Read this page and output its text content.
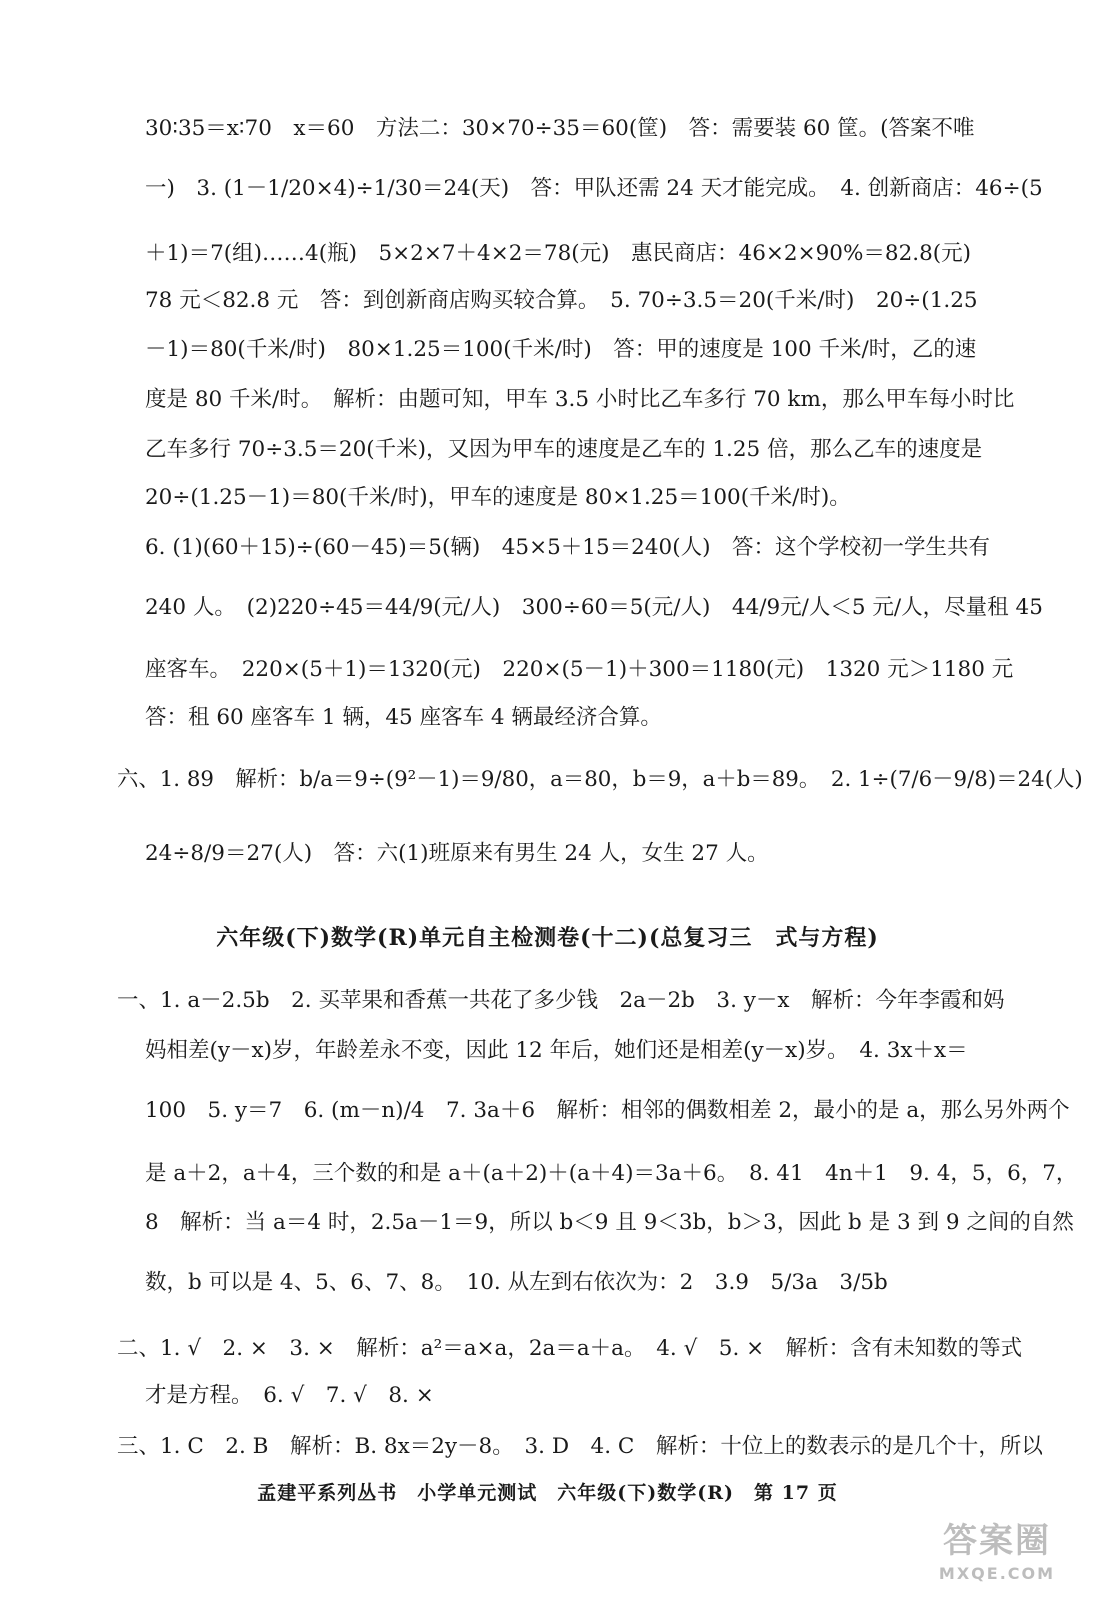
30∶35＝x∶70　x＝60　方法二：30×70÷35＝60(筐)　答：需要装 60 筐。(答案不唯
一)　3. (1－1/20×4)÷1/30＝24(天)　答：甲队还需 24 天才能完成。　4. 创新商店：46÷(5
＋1)＝7(组)……4(瓶)　5×2×7＋4×2＝78(元)　惠民商店：46×2×90%＝82.8(元)
78 元＜82.8 元　答：到创新商店购买较合算。　5. 70÷3.5＝20(千米/时)　20÷(1.25
－1)＝80(千米/时)　80×1.25＝100(千米/时)　答：甲的速度是 100 千米/时，乙的速
度是 80 千米/时。　解析：由题可知，甲车 3.5 小时比乙车多行 70 km，那么甲车每小时比
乙车多行 70÷3.5＝20(千米)，又因为甲车的速度是乙车的 1.25 倍，那么乙车的速度是
20÷(1.25－1)＝80(千米/时)，甲车的速度是 80×1.25＝100(千米/时)。
6. (1)(60＋15)÷(60－45)＝5(辆)　45×5＋15＝240(人)　答：这个学校初一学生共有
240 人。　(2)220÷45＝44/9(元/人)　300÷60＝5(元/人)　44/9元/人＜5 元/人，尽量租 45
座客车。　220×(5＋1)＝1320(元)　220×(5－1)＋300＝1180(元)　1320 元＞1180 元
答：租 60 座客车 1 辆，45 座客车 4 辆最经济合算。
六、1. 89　解析：b/a＝9÷(9²－1)＝9/80，a＝80，b＝9，a＋b＝89。　2. 1÷(7/6－9/8)＝24(人)
24÷8/9＝27(人)　答：六(1)班原来有男生 24 人，女生 27 人。
六年级(下)数学(R)单元自主检测卷(十二)(总复习三　式与方程)
一、1. a－2.5b　2. 买苹果和香蕉一共花了多少钱　2a－2b　3. y－x　解析：今年李霞和妈
妈相差(y－x)岁，年龄差永不变，因此 12 年后，她们还是相差(y－x)岁。　4. 3x＋x＝
100　5. y＝7　6. (m－n)/4　7. 3a＋6　解析：相邻的偶数相差 2，最小的是 a，那么另外两个
是 a＋2，a＋4，三个数的和是 a＋(a＋2)＋(a＋4)＝3a＋6。　8. 41　4n＋1　9. 4，5，6，7，
8　解析：当 a＝4 时，2.5a－1＝9，所以 b＜9 且 9＜3b，b＞3，因此 b 是 3 到 9 之间的自然
数，b 可以是 4、5、6、7、8。　10. 从左到右依次为：2　3.9　5/3a　3/5b
二、1. √　2. ×　3. ×　解析：a²＝a×a，2a＝a＋a。　4. √　5. ×　解析：含有未知数的等式
才是方程。　6. √　7. √　8. ×
三、1. C　2. B　解析：B. 8x＝2y－8。　3. D　4. C　解析：十位上的数表示的是几个十，所以
孟建平系列丛书　小学单元测试　六年级(下)数学(R)　第 17 页
答案圈
MXQE.COM
